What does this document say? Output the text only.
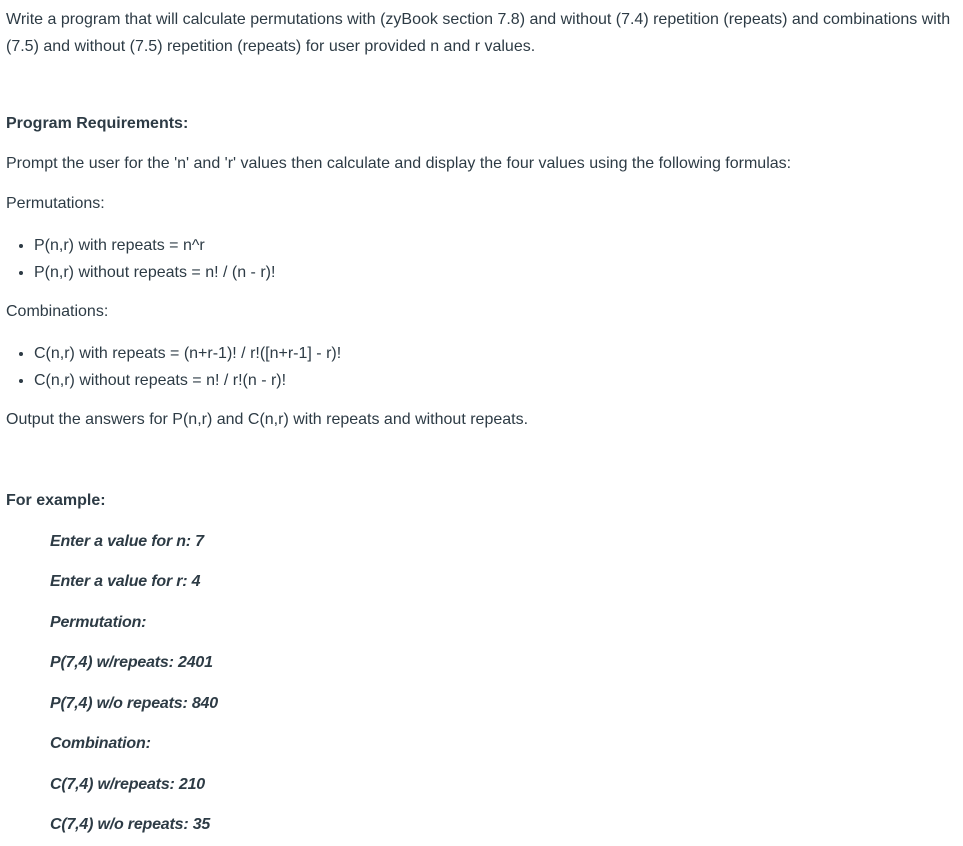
Write a program that will calculate permutations with (zyBook section 7.8) and without (7.4) repetition (repeats) and combinations with (7.5) and without (7.5) repetition (repeats) for user provided n and r values.

Program Requirements:
Prompt the user for the 'n' and 'r' values then calculate and display the four values using the following formulas:
Permutations:
• P(n,r) with repeats = n^r
• P(n,r) without repeats = n! / (n - r)!
Combinations:
• C(n,r) with repeats = (n+r-1)! / r!([n+r-1] - r)!
• C(n,r) without repeats = n! / r!(n - r)!
Output the answers for P(n,r) and C(n,r) with repeats and without repeats.
For example:
Enter a value for n: 7
Enter a value for r: 4
Permutation:
P(7,4) w/repeats: 2401
P(7,4) w/o repeats: 840
Combination:
C(7,4) w/repeats: 210
C(7,4) w/o repeats: 35
